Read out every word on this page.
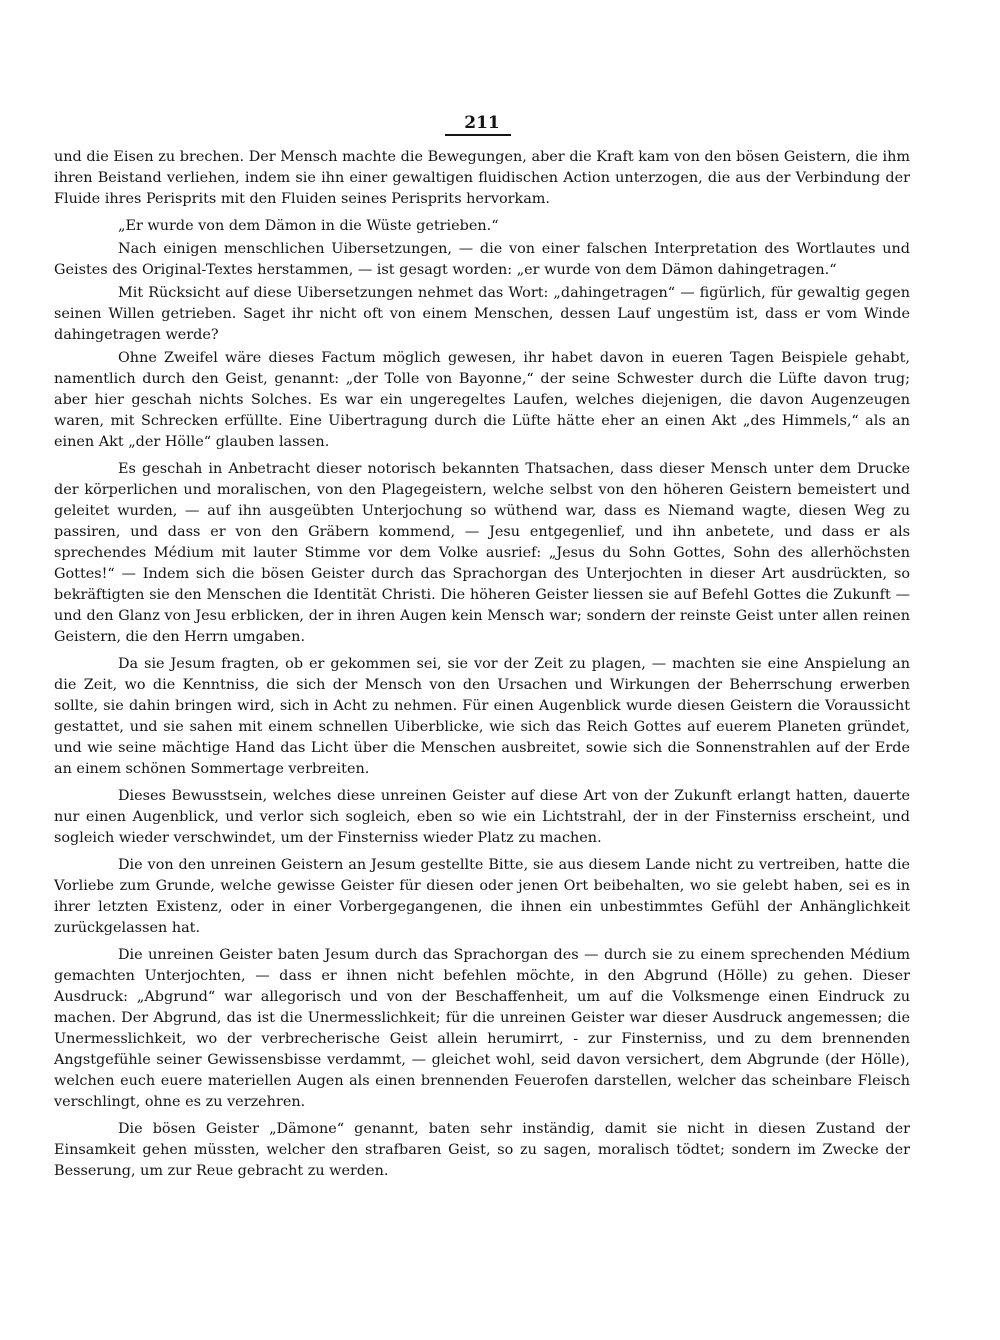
211

und die Eisen zu brechen. Der Mensch machte die Bewegungen, aber die Kraft kam von den bösen Geistern, die ihm ihren Beistand verliehen, indem sie ihn einer gewaltigen fluidischen Action unterzogen, die aus der Verbindung der Fluide ihres Perisprits mit den Fluiden seines Perisprits hervorkam.

„Er wurde von dem Dämon in die Wüste getrieben.“

Nach einigen menschlichen Uibersetzungen, — die von einer falschen Interpretation des Wortlautes und Geistes des Original-Textes herstammen, — ist gesagt worden: „er wurde von dem Dämon dahingetragen.“

Mit Rücksicht auf diese Uibersetzungen nehmet das Wort: „dahingetragen“ — figürlich, für gewaltig gegen seinen Willen getrieben. Saget ihr nicht oft von einem Menschen, dessen Lauf ungestüm ist, dass er vom Winde dahingetragen werde?

Ohne Zweifel wäre dieses Factum möglich gewesen, ihr habet davon in eueren Tagen Beispiele gehabt, namentlich durch den Geist, genannt: „der Tolle von Bayonne,“ der seine Schwester durch die Lüfte davon trug; aber hier geschah nichts Solches. Es war ein ungeregeltes Laufen, welches diejenigen, die davon Augenzeugen waren, mit Schrecken erfüllte. Eine Uibertragung durch die Lüfte hätte eher an einen Akt „des Himmels,“ als an einen Akt „der Hölle“ glauben lassen.

Es geschah in Anbetracht dieser notorisch bekannten Thatsachen, dass dieser Mensch unter dem Drucke der körperlichen und moralischen, von den Plagegeistern, welche selbst von den höheren Geistern bemeistert und geleitet wurden, — auf ihn ausgeübten Unterjochung so wüthend war, dass es Niemand wagte, diesen Weg zu passiren, und dass er von den Gräbern kommend, — Jesu entgegenlief, und ihn anbetete, und dass er als sprechendes Médium mit lauter Stimme vor dem Volke ausrief: „Jesus du Sohn Gottes, Sohn des allerhöchsten Gottes!“ — Indem sich die bösen Geister durch das Sprachorgan des Unterjochten in dieser Art ausdrückten, so bekräftigten sie den Menschen die Identität Christi. Die höheren Geister liessen sie auf Befehl Gottes die Zukunft — und den Glanz von Jesu erblicken, der in ihren Augen kein Mensch war; sondern der reinste Geist unter allen reinen Geistern, die den Herrn umgaben.

Da sie Jesum fragten, ob er gekommen sei, sie vor der Zeit zu plagen, — machten sie eine Anspielung an die Zeit, wo die Kenntniss, die sich der Mensch von den Ursachen und Wirkungen der Beherrschung erwerben sollte, sie dahin bringen wird, sich in Acht zu nehmen. Für einen Augenblick wurde diesen Geistern die Voraussicht gestattet, und sie sahen mit einem schnellen Uiberblicke, wie sich das Reich Gottes auf euerem Planeten gründet, und wie seine mächtige Hand das Licht über die Menschen ausbreitet, sowie sich die Sonnenstrahlen auf der Erde an einem schönen Sommertage verbreiten.

Dieses Bewusstsein, welches diese unreinen Geister auf diese Art von der Zukunft erlangt hatten, dauerte nur einen Augenblick, und verlor sich sogleich, eben so wie ein Lichtstrahl, der in der Finsterniss erscheint, und sogleich wieder verschwindet, um der Finsterniss wieder Platz zu machen.

Die von den unreinen Geistern an Jesum gestellte Bitte, sie aus diesem Lande nicht zu vertreiben, hatte die Vorliebe zum Grunde, welche gewisse Geister für diesen oder jenen Ort beibehalten, wo sie gelebt haben, sei es in ihrer letzten Existenz, oder in einer Vorbergegangenen, die ihnen ein unbestimmtes Gefühl der Anhänglichkeit zurückgelassen hat.

Die unreinen Geister baten Jesum durch das Sprachorgan des — durch sie zu einem sprechenden Médium gemachten Unterjochten, — dass er ihnen nicht befehlen möchte, in den Abgrund (Hölle) zu gehen. Dieser Ausdruck: „Abgrund“ war allegorisch und von der Beschaffenheit, um auf die Volksmenge einen Eindruck zu machen. Der Abgrund, das ist die Unermesslichkeit; für die unreinen Geister war dieser Ausdruck angemessen; die Unermesslichkeit, wo der verbrecherische Geist allein herumirrt, - zur Finsterniss, und zu dem brennenden Angstgefühle seiner Gewissensbisse verdammt, — gleichet wohl, seid davon versichert, dem Abgrunde (der Hölle), welchen euch euere materiellen Augen als einen brennenden Feuerofen darstellen, welcher das scheinbare Fleisch verschlingt, ohne es zu verzehren.

Die bösen Geister „Dämone“ genannt, baten sehr inständig, damit sie nicht in diesen Zustand der Einsamkeit gehen müssten, welcher den strafbaren Geist, so zu sagen, moralisch tödtet; sondern im Zwecke der Besserung, um zur Reue gebracht zu werden.
